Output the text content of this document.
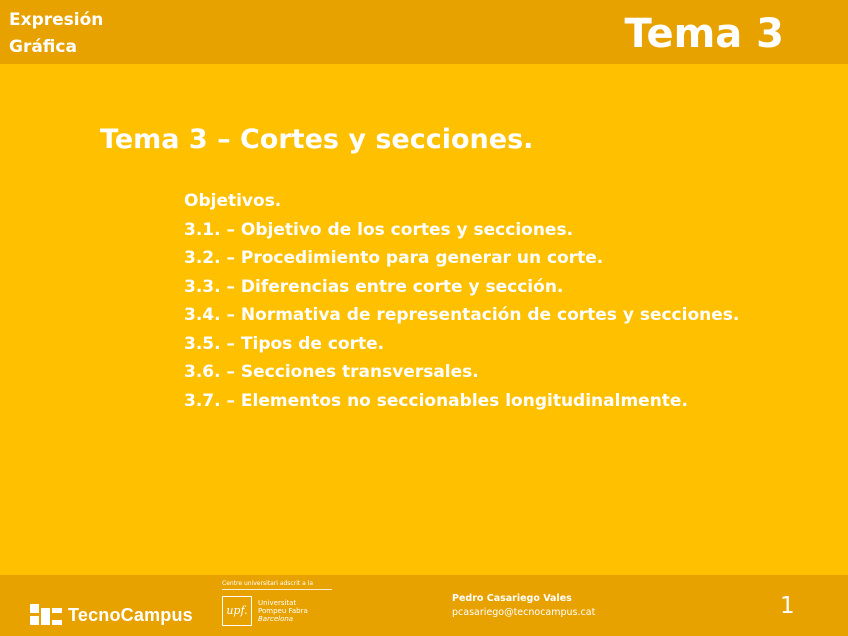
Expresión
Gráfica	Tema 3
Tema 3 – Cortes y secciones.
Objetivos.
3.1. – Objetivo de los cortes y secciones.
3.2. – Procedimiento para generar un corte.
3.3. – Diferencias entre corte y sección.
3.4. – Normativa de representación de cortes y secciones.
3.5. – Tipos de corte.
3.6. – Secciones transversales.
3.7. – Elementos no seccionables longitudinalmente.
TecnoCampus
Centre universitari adscrit a la
upf.
Universitat
Pompeu Fabra
Barcelona
Pedro Casariego Vales
pcasariego@tecnocampus.cat	1
